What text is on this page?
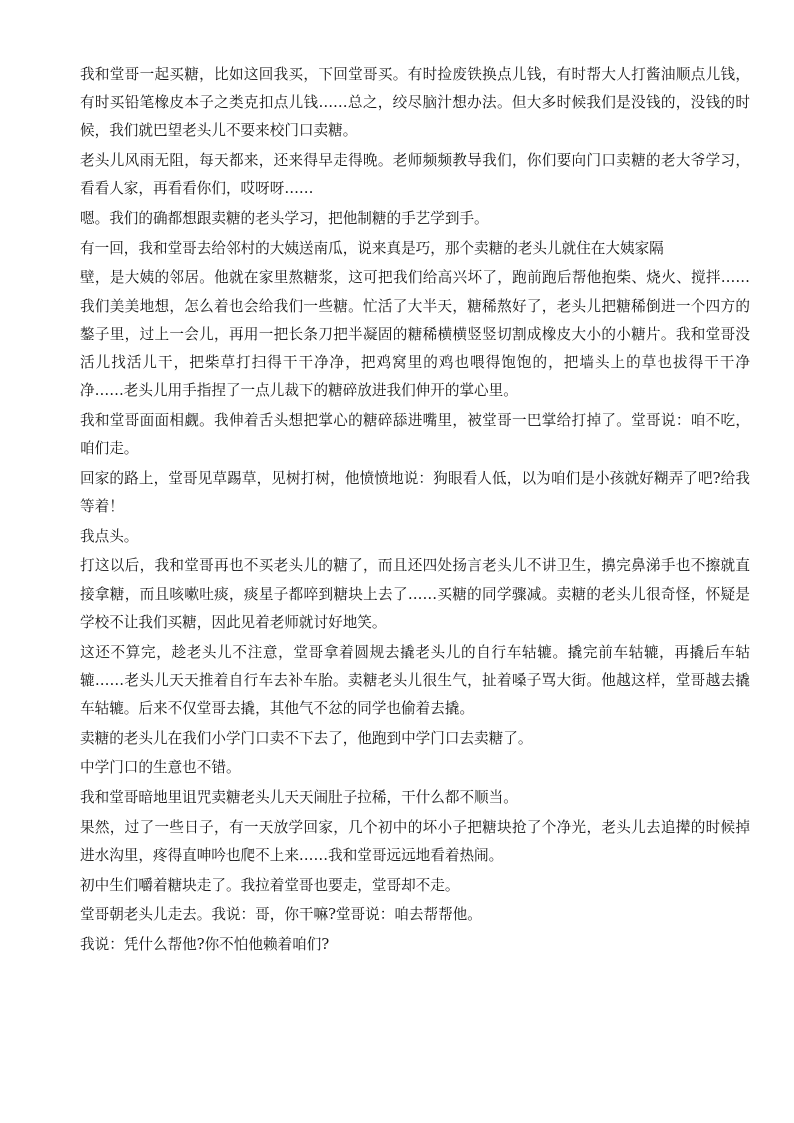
我和堂哥一起买糖，比如这回我买，下回堂哥买。有时捡废铁换点儿钱，有时帮大人打酱油顺点儿钱，有时买铅笔橡皮本子之类克扣点儿钱……总之，绞尽脑汁想办法。但大多时候我们是没钱的，没钱的时候，我们就巴望老头儿不要来校门口卖糖。

老头儿风雨无阻，每天都来，还来得早走得晚。老师频频教导我们，你们要向门口卖糖的老大爷学习，看看人家，再看看你们，哎呀呀……

嗯。我们的确都想跟卖糖的老头学习，把他制糖的手艺学到手。

有一回，我和堂哥去给邻村的大姨送南瓜，说来真是巧，那个卖糖的老头儿就住在大姨家隔

壁，是大姨的邻居。他就在家里熬糖浆，这可把我们给高兴坏了，跑前跑后帮他抱柴、烧火、搅拌……我们美美地想，怎么着也会给我们一些糖。忙活了大半天，糖稀熬好了，老头儿把糖稀倒进一个四方的鏊子里，过上一会儿，再用一把长条刀把半凝固的糖稀横横竖竖切割成橡皮大小的小糖片。我和堂哥没活儿找活儿干，把柴草打扫得干干净净，把鸡窝里的鸡也喂得饱饱的，把墙头上的草也拔得干干净净……老头儿用手指捏了一点儿裁下的糖碎放进我们伸开的掌心里。

我和堂哥面面相觑。我伸着舌头想把掌心的糖碎舔进嘴里，被堂哥一巴掌给打掉了。堂哥说：咱不吃，咱们走。

回家的路上，堂哥见草踢草，见树打树，他愤愤地说：狗眼看人低，以为咱们是小孩就好糊弄了吧?给我等着！

我点头。

打这以后，我和堂哥再也不买老头儿的糖了，而且还四处扬言老头儿不讲卫生，擤完鼻涕手也不擦就直接拿糖，而且咳嗽吐痰，痰星子都啐到糖块上去了……买糖的同学骤减。卖糖的老头儿很奇怪，怀疑是学校不让我们买糖，因此见着老师就讨好地笑。

这还不算完，趁老头儿不注意，堂哥拿着圆规去撬老头儿的自行车轱辘。撬完前车轱辘，再撬后车轱辘……老头儿天天推着自行车去补车胎。卖糖老头儿很生气，扯着嗓子骂大街。他越这样，堂哥越去撬车轱辘。后来不仅堂哥去撬，其他气不忿的同学也偷着去撬。

卖糖的老头儿在我们小学门口卖不下去了，他跑到中学门口去卖糖了。

中学门口的生意也不错。

我和堂哥暗地里诅咒卖糖老头儿天天闹肚子拉稀，干什么都不顺当。

果然，过了一些日子，有一天放学回家，几个初中的坏小子把糖块抢了个净光，老头儿去追撵的时候掉进水沟里，疼得直呻吟也爬不上来……我和堂哥远远地看着热闹。

初中生们嚼着糖块走了。我拉着堂哥也要走，堂哥却不走。

堂哥朝老头儿走去。我说：哥，你干嘛?堂哥说：咱去帮帮他。

我说：凭什么帮他?你不怕他赖着咱们?
